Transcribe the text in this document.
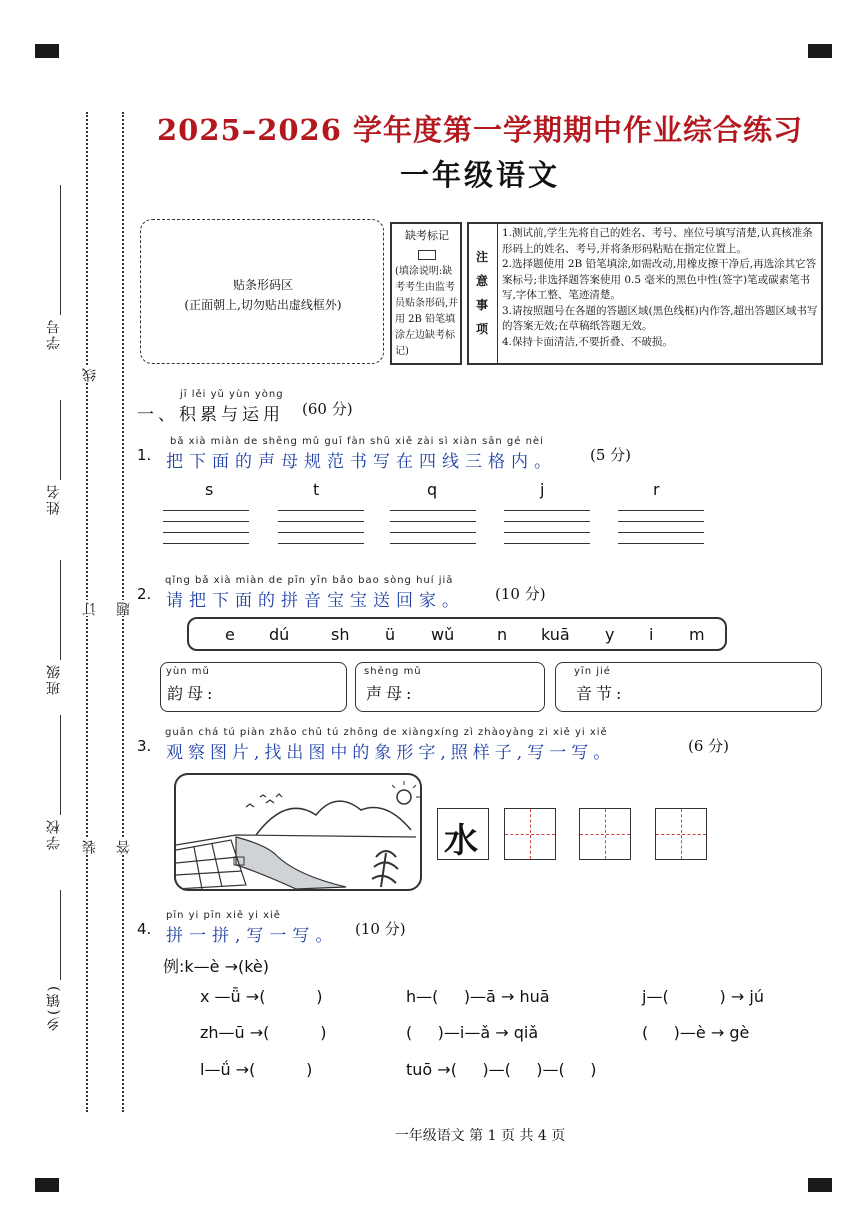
学号
姓名
班级
学校
乡(镇)
线
订
装
题
答
2025–2026 学年度第一学期期中作业综合练习
一年级语文
贴条形码区
(正面朝上,切勿贴出虚线框外)
缺考标记
(填涂说明:缺考考生由监考员贴条形码,并用 2B 铅笔填涂左边缺考标记)
注
意
事
项
1.测试前,学生先将自己的姓名、考号、座位号填写清楚,认真核准条形码上的姓名、考号,并将条形码粘贴在指定位置上。
2.选择题使用 2B 铅笔填涂,如需改动,用橡皮擦干净后,再选涂其它答案标号;非选择题答案使用 0.5 毫米的黑色中性(签字)笔或碳素笔书写,字体工整、笔迹清楚。
3.请按照题号在各题的答题区域(黑色线框)内作答,超出答题区域书写的答案无效;在草稿纸答题无效。
4.保持卡面清洁,不要折叠、不破损。
jī lěi yǔ yùn yòng
一、积累与运用 (60 分)
bǎ xià miàn de shēng mǔ guī fàn shū xiě zài sì xiàn sān gé nèi
1. 把下面的声母规范书写在四线三格内。 (5 分)
s	t	q	j	r
qǐng bǎ xià miàn de pīn yīn bǎo bao sòng huí jiā
2. 请把下面的拼音宝宝送回家。 (10 分)
e dú	sh ü wǔ	n kuā y i m
yùn mǔ
韵母:
shēng mǔ
声母:
yīn jié
音节:
guān chá tú piàn zhǎo chū tú zhōng de xiàngxíng zì zhàoyàng zi xiě yi xiě
3. 观察图片,找出图中的象形字,照样子,写一写。	(6 分)
水
pīn yi pīn xiě yi xiě
4. 拼一拼,写一写。 (10 分)
例:k—è →(kè)
x —ǖ →(          )	h—(     )—ā → huā	j—(          ) → jú
zh—ū →(          )	(     )—i—ǎ → qiǎ	(     )—è → gè
l—ǘ →(          )	tuō →(     )—(     )—(     )
一年级语文 第 1 页 共 4 页
